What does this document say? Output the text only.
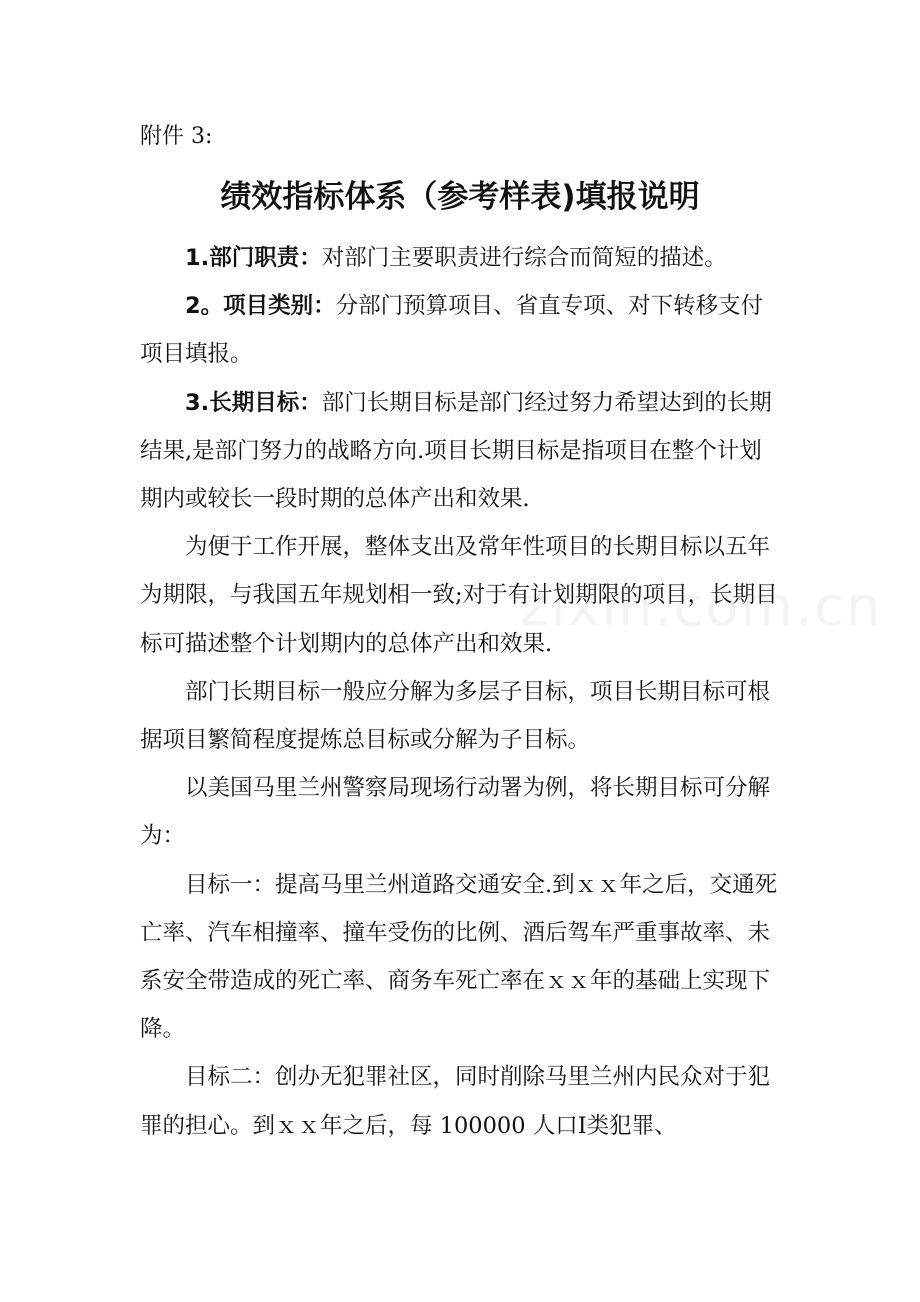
附件 3:
绩效指标体系（参考样表)填报说明

1.部门职责：对部门主要职责进行综合而简短的描述。

2。项目类别：分部门预算项目、省直专项、对下转移支付项目填报。

3.长期目标：部门长期目标是部门经过努力希望达到的长期结果,是部门努力的战略方向.项目长期目标是指项目在整个计划期内或较长一段时期的总体产出和效果.

为便于工作开展，整体支出及常年性项目的长期目标以五年为期限，与我国五年规划相一致;对于有计划期限的项目，长期目标可描述整个计划期内的总体产出和效果.

部门长期目标一般应分解为多层子目标，项目长期目标可根据项目繁简程度提炼总目标或分解为子目标。

以美国马里兰州警察局现场行动署为例，将长期目标可分解为：

目标一：提高马里兰州道路交通安全.到ｘｘ年之后，交通死亡率、汽车相撞率、撞车受伤的比例、酒后驾车严重事故率、未系安全带造成的死亡率、商务车死亡率在ｘｘ年的基础上实现下降。

目标二：创办无犯罪社区，同时削除马里兰州内民众对于犯罪的担心。到ｘｘ年之后，每 100000 人口Ⅰ类犯罪、
